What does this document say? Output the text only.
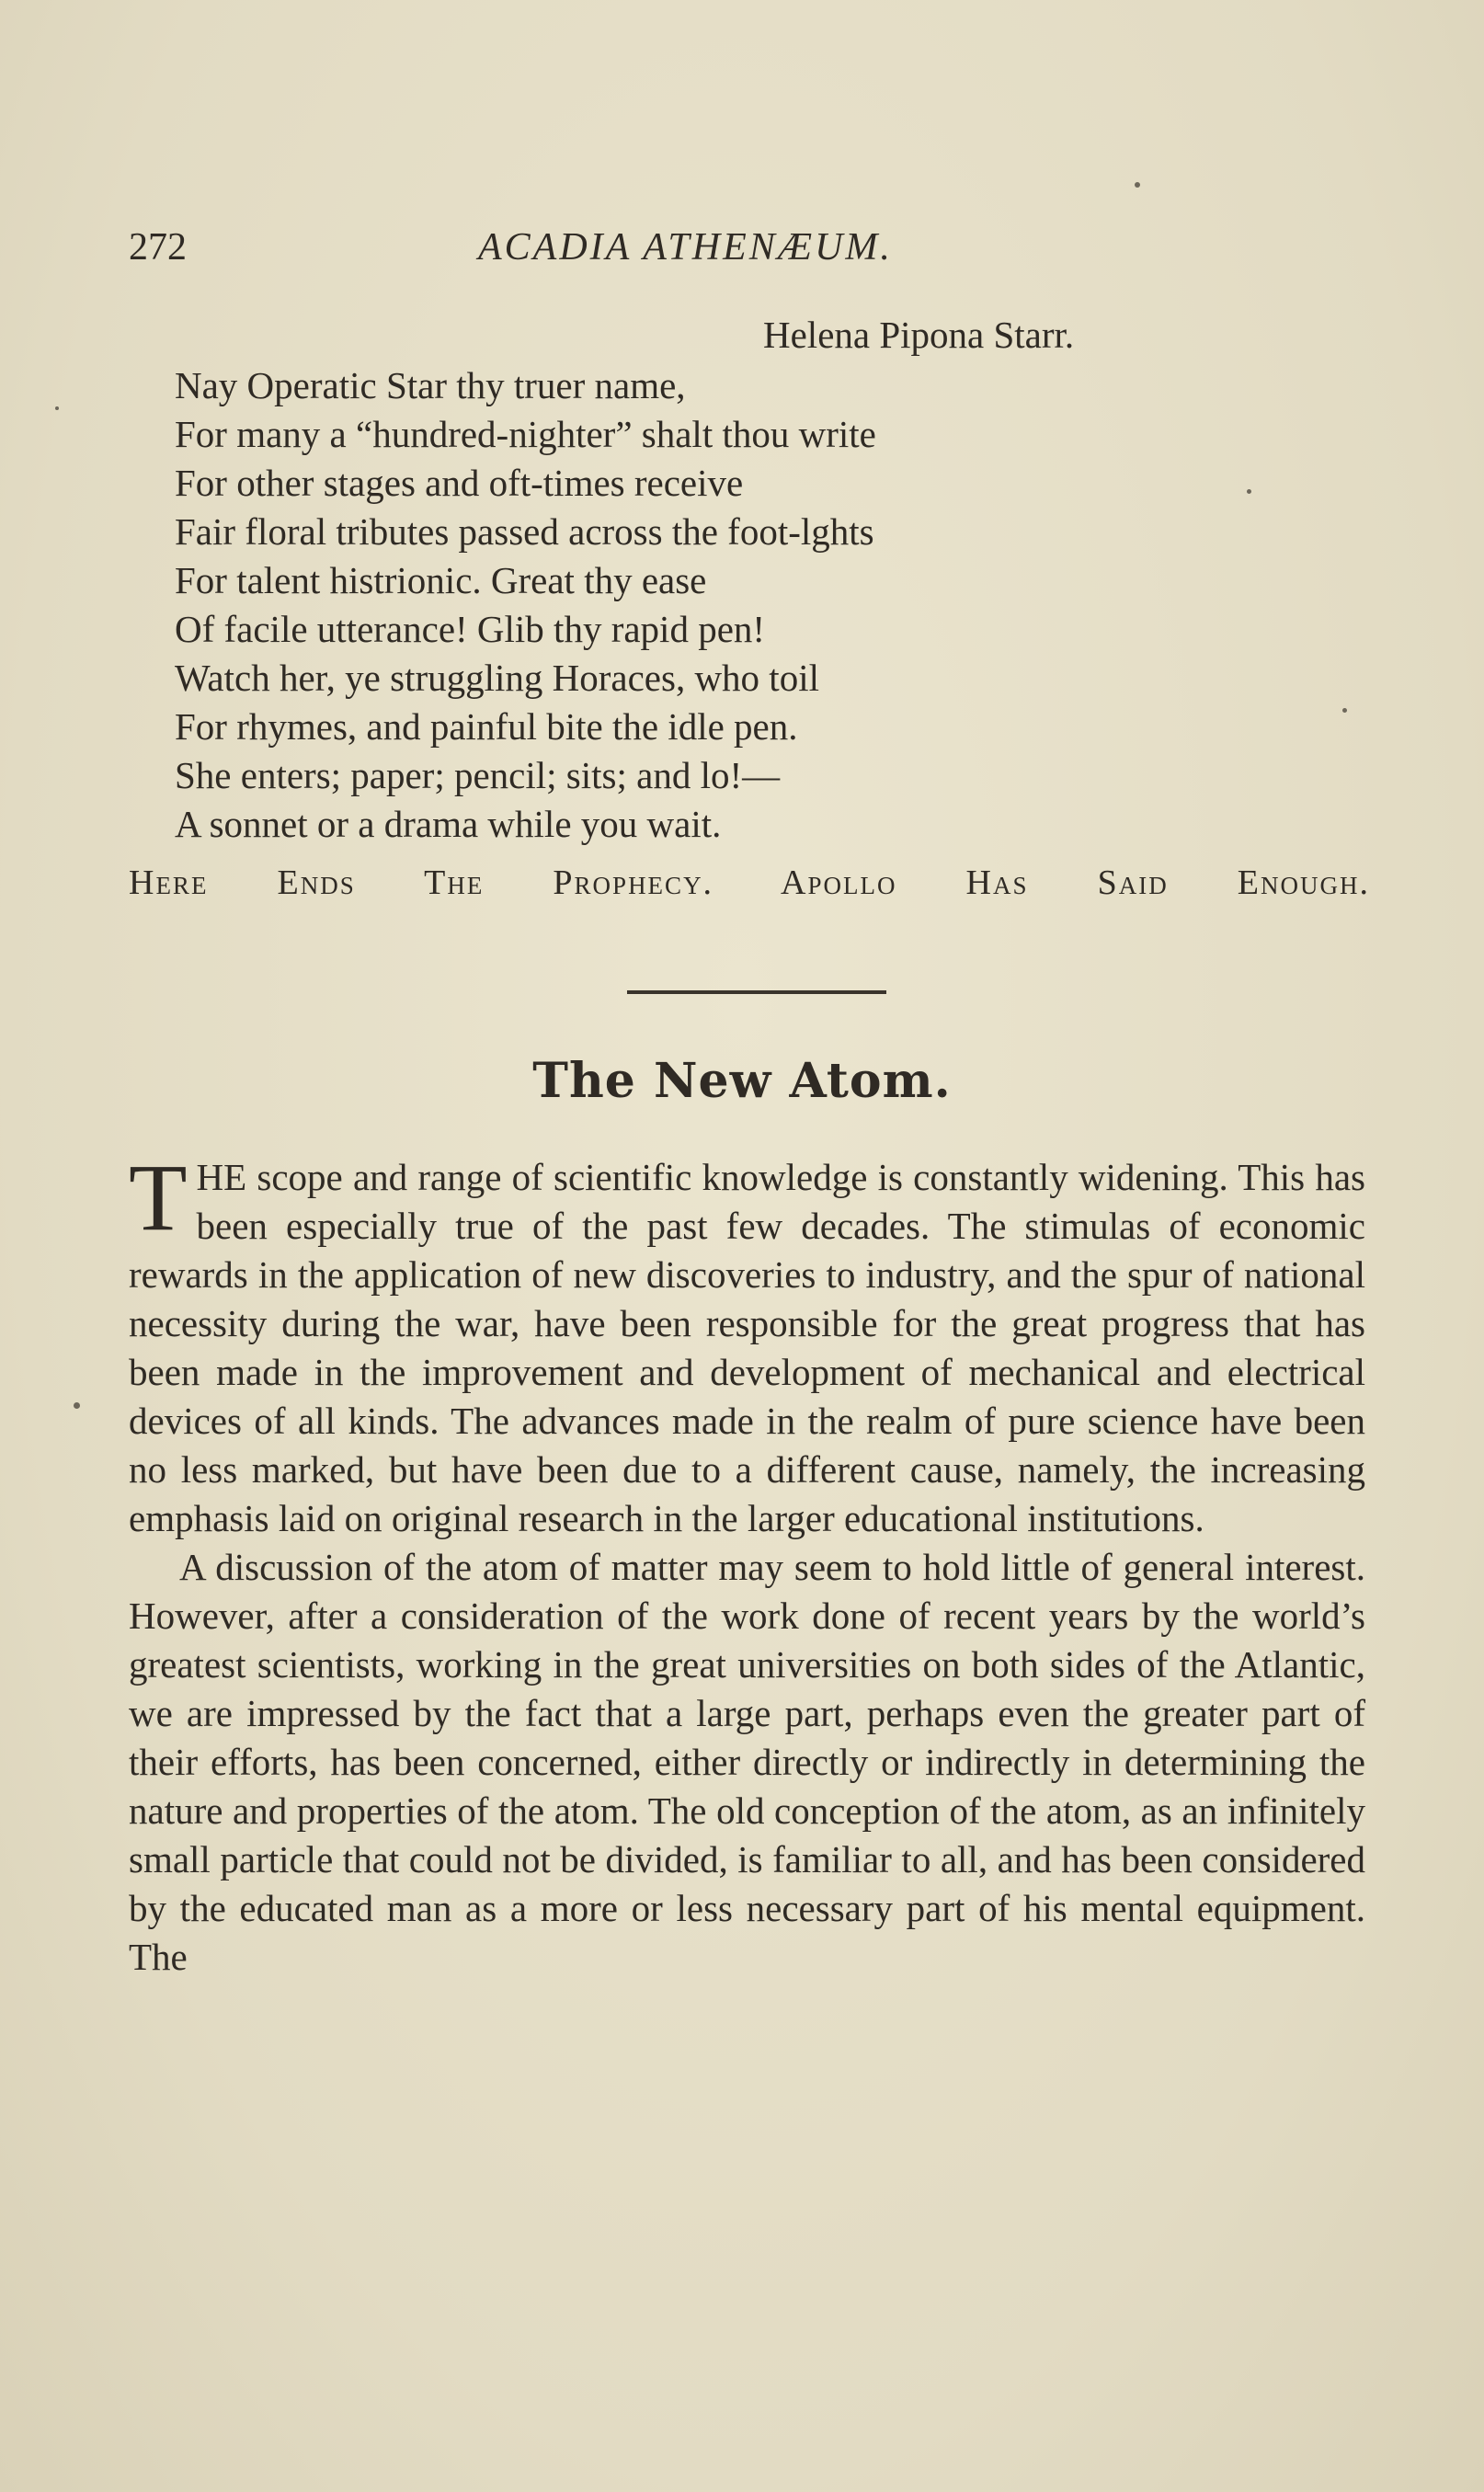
272	ACADIA ATHENÆUM.
Helena Pipona Starr.
Nay Operatic Star thy truer name,
For many a “hundred-nighter” shalt thou write
For other stages and oft-times receive
Fair floral tributes passed across the foot-lghts
For talent histrionic. Great thy ease
Of facile utterance! Glib thy rapid pen!
Watch her, ye struggling Horaces, who toil
For rhymes, and painful bite the idle pen.
She enters; paper; pencil; sits; and lo!—
A sonnet or a drama while you wait.
Here Ends The Prophecy. Apollo Has Said Enough.
The New Atom.

THE scope and range of scientific knowledge is constantly widening. This has been especially true of the past few decades. The stimulas of economic rewards in the application of new discoveries to industry, and the spur of national necessity during the war, have been responsible for the great progress that has been made in the improvement and development of mechanical and electrical devices of all kinds. The advances made in the realm of pure science have been no less marked, but have been due to a different cause, namely, the increasing emphasis laid on original research in the larger educational institutions.

A discussion of the atom of matter may seem to hold little of general interest. However, after a consideration of the work done of recent years by the world’s greatest scientists, working in the great universities on both sides of the Atlantic, we are impressed by the fact that a large part, perhaps even the greater part of their efforts, has been concerned, either directly or indirectly in determining the nature and properties of the atom. The old conception of the atom, as an infinitely small particle that could not be divided, is familiar to all, and has been considered by the educated man as a more or less necessary part of his mental equipment. The
